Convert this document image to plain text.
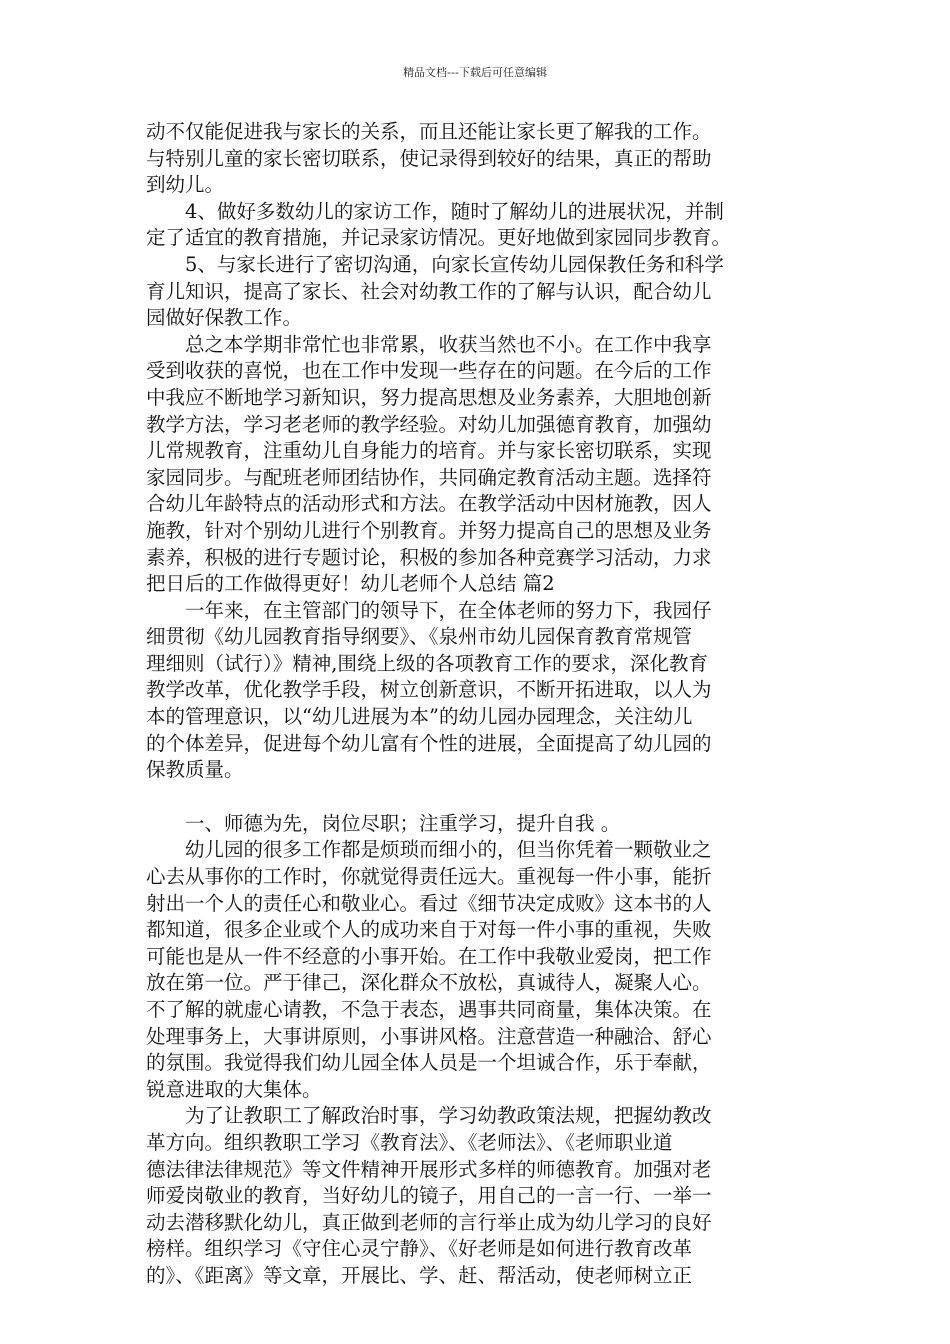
精品文档---下载后可任意编辑
动不仅能促进我与家长的关系，而且还能让家长更了解我的工作。
与特别儿童的家长密切联系，使记录得到较好的结果，真正的帮助
到幼儿。
4、做好多数幼儿的家访工作，随时了解幼儿的进展状况，并制
定了适宜的教育措施，并记录家访情况。更好地做到家园同步教育。
5、与家长进行了密切沟通，向家长宣传幼儿园保教任务和科学
育儿知识，提高了家长、社会对幼教工作的了解与认识，配合幼儿
园做好保教工作。
总之本学期非常忙也非常累，收获当然也不小。在工作中我享
受到收获的喜悦，也在工作中发现一些存在的问题。在今后的工作
中我应不断地学习新知识，努力提高思想及业务素养，大胆地创新
教学方法，学习老老师的教学经验。对幼儿加强德育教育，加强幼
儿常规教育，注重幼儿自身能力的培育。并与家长密切联系，实现
家园同步。与配班老师团结协作，共同确定教育活动主题。选择符
合幼儿年龄特点的活动形式和方法。在教学活动中因材施教，因人
施教，针对个别幼儿进行个别教育。并努力提高自己的思想及业务
素养，积极的进行专题讨论，积极的参加各种竞赛学习活动，力求
把日后的工作做得更好！幼儿老师个人总结 篇2
一年来，在主管部门的领导下，在全体老师的努力下，我园仔
细贯彻《幼儿园教育指导纲要》、《泉州市幼儿园保育教育常规管
理细则（试行）》精神,围绕上级的各项教育工作的要求，深化教育
教学改革，优化教学手段，树立创新意识，不断开拓进取，以人为
本的管理意识，以“幼儿进展为本”的幼儿园办园理念，关注幼儿
的个体差异，促进每个幼儿富有个性的进展，全面提高了幼儿园的
保教质量。
一、师德为先，岗位尽职；注重学习，提升自我 。
幼儿园的很多工作都是烦琐而细小的，但当你凭着一颗敬业之
心去从事你的工作时，你就觉得责任远大。重视每一件小事，能折
射出一个人的责任心和敬业心。看过《细节决定成败》这本书的人
都知道，很多企业或个人的成功来自于对每一件小事的重视，失败
可能也是从一件不经意的小事开始。在工作中我敬业爱岗，把工作
放在第一位。严于律己，深化群众不放松，真诚待人，凝聚人心。
不了解的就虚心请教，不急于表态，遇事共同商量，集体决策。在
处理事务上，大事讲原则，小事讲风格。注意营造一种融洽、舒心
的氛围。我觉得我们幼儿园全体人员是一个坦诚合作，乐于奉献，
锐意进取的大集体。
为了让教职工了解政治时事，学习幼教政策法规，把握幼教改
革方向。组织教职工学习《教育法》、《老师法》、《老师职业道
德法律法律规范》等文件精神开展形式多样的师德教育。加强对老
师爱岗敬业的教育，当好幼儿的镜子，用自己的一言一行、一举一
动去潜移默化幼儿，真正做到老师的言行举止成为幼儿学习的良好
榜样。组织学习《守住心灵宁静》、《好老师是如何进行教育改革
的》、《距离》等文章，开展比、学、赶、帮活动，使老师树立正
